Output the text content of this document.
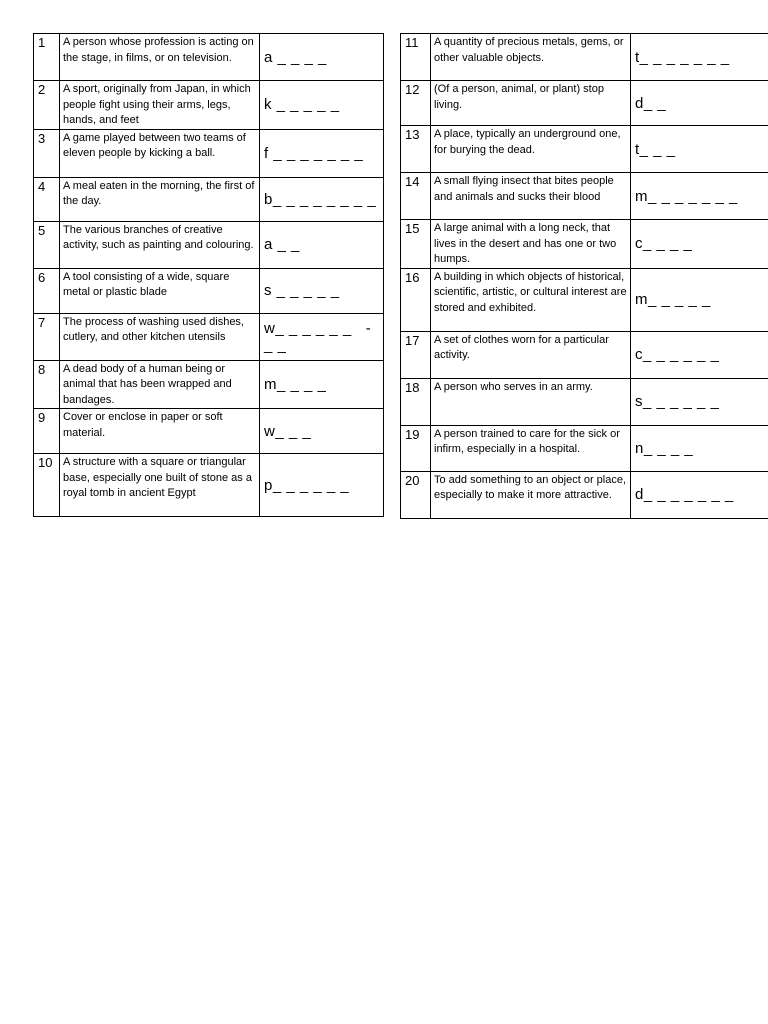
1	A person whose profession is acting on the stage, in films, or on television.	a _ _ _ _
2	A sport, originally from Japan, in which people fight using their arms, legs, hands, and feet	k _ _ _ _ _
3	A game played between two teams of eleven people by kicking a ball.	f _ _ _ _ _ _ _
4	A meal eaten in the morning, the first of the day.	b_ _ _ _ _ _ _ _
5	The various branches of creative activity, such as painting and colouring.	a _ _
6	A tool consisting of a wide, square metal or plastic blade	s _ _ _ _ _
7	The process of washing used dishes, cutlery, and other kitchen utensils	w_ _ _ _ _ _   -
_ _
8	A dead body of a human being or animal that has been wrapped and bandages.	m_ _ _ _
9	Cover or enclose in paper or soft material.	w_ _ _
10	A structure with a square or triangular base, especially one built of stone as a royal tomb in ancient Egypt	p_ _ _ _ _ _
11	A quantity of precious metals, gems, or other valuable objects.	t_ _ _ _ _ _ _
12	(Of a person, animal, or plant) stop living.	d_ _
13	A place, typically an underground one, for burying the dead.	t_ _ _
14	A small flying insect that bites people and animals and sucks their blood	m_ _ _ _ _ _ _
15	A large animal with a long neck, that lives in the desert and has one or two humps.	c_ _ _ _
16	A building in which objects of historical, scientific, artistic, or cultural interest are stored and exhibited.	m_ _ _ _ _
17	A set of clothes worn for a particular activity.	c_ _ _ _ _ _
18	A person who serves in an army.	s_ _ _ _ _ _
19	A person trained to care for the sick or infirm, especially in a hospital.	n_ _ _ _
20	To add something to an object or place, especially to make it more attractive.	d_ _ _ _ _ _ _
